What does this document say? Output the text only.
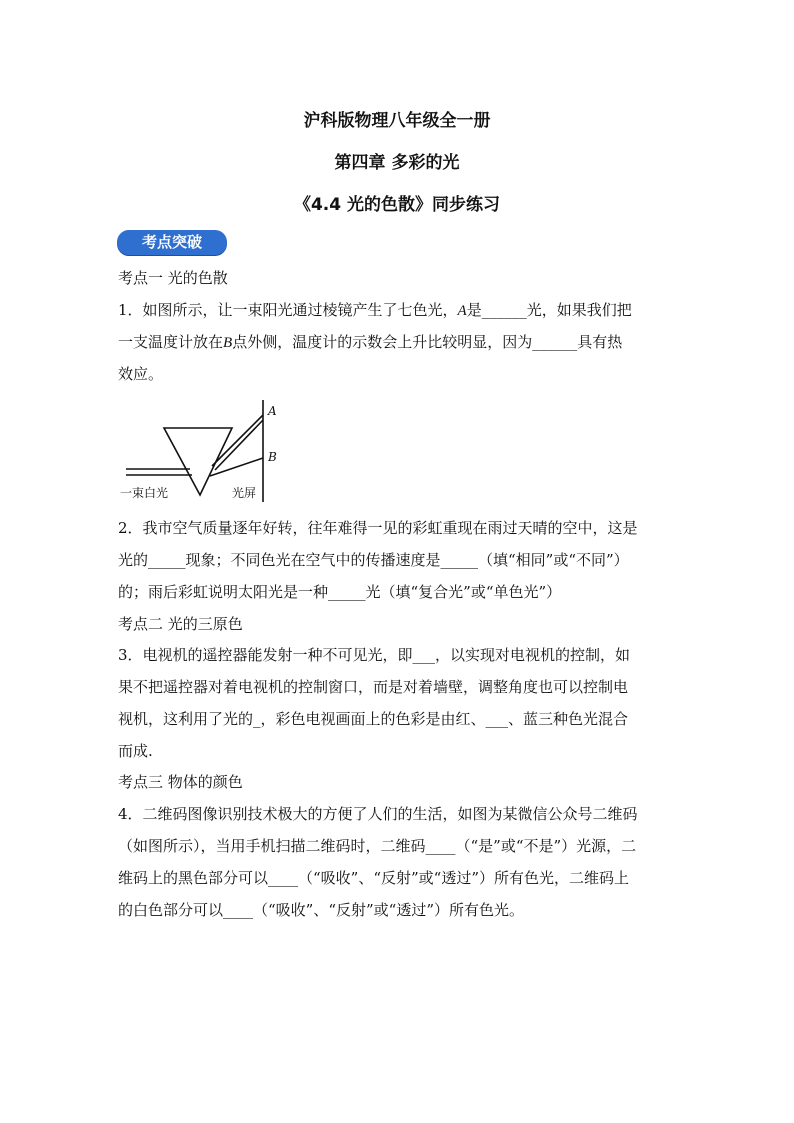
沪科版物理八年级全一册
第四章 多彩的光
《4.4 光的色散》同步练习
考点突破
考点一 光的色散
1．如图所示，让一束阳光通过棱镜产生了七色光，A是______光，如果我们把
一支温度计放在B点外侧，温度计的示数会上升比较明显，因为______具有热
效应。
A
B
一束白光	光屏
2．我市空气质量逐年好转，往年难得一见的彩虹重现在雨过天晴的空中，这是
光的_____现象；不同色光在空气中的传播速度是_____（填“相同”或“不同”）
的；雨后彩虹说明太阳光是一种_____光（填“复合光”或“单色光”）
考点二 光的三原色
3．电视机的遥控器能发射一种不可见光，即___，以实现对电视机的控制，如
果不把遥控器对着电视机的控制窗口，而是对着墙壁，调整角度也可以控制电
视机，这利用了光的_，彩色电视画面上的色彩是由红、___、蓝三种色光混合
而成.
考点三 物体的颜色
4．二维码图像识别技术极大的方便了人们的生活，如图为某微信公众号二维码
（如图所示），当用手机扫描二维码时，二维码____（“是”或“不是”）光源，二
维码上的黑色部分可以____（“吸收”、“反射”或“透过”）所有色光，二维码上
的白色部分可以____（“吸收”、“反射”或“透过”）所有色光。
